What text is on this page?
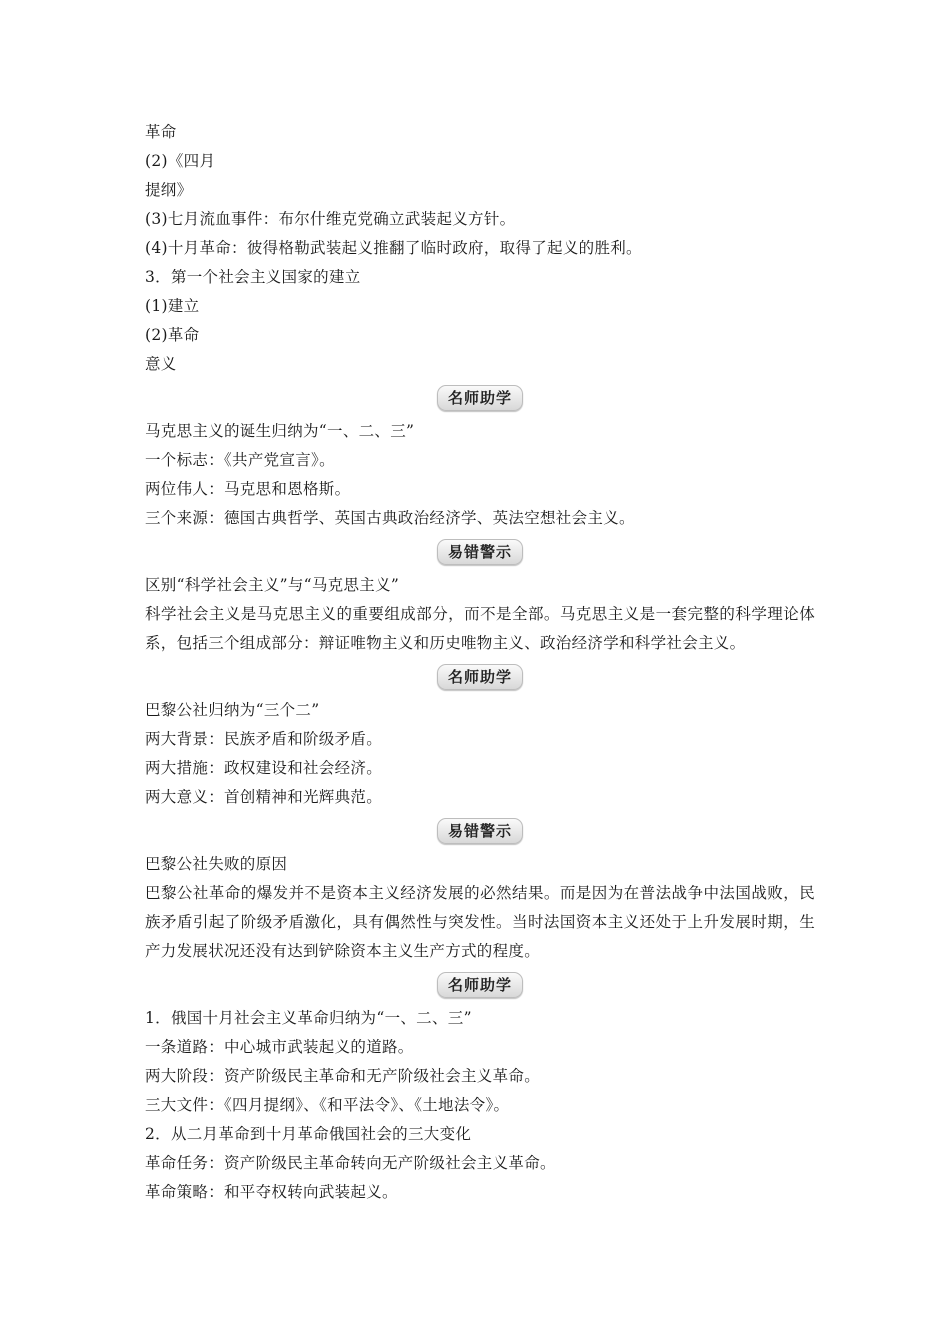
革命
(2)《四月
提纲》
(3)七月流血事件：布尔什维克党确立武装起义方针。
(4)十月革命：彼得格勒武装起义推翻了临时政府，取得了起义的胜利。
3．第一个社会主义国家的建立
(1)建立
(2)革命
意义
名师助学
马克思主义的诞生归纳为“一、二、三”
一个标志：《共产党宣言》。
两位伟人：马克思和恩格斯。
三个来源：德国古典哲学、英国古典政治经济学、英法空想社会主义。
易错警示
区别“科学社会主义”与“马克思主义”
科学社会主义是马克思主义的重要组成部分，而不是全部。马克思主义是一套完整的科学理论体系，包括三个组成部分：辩证唯物主义和历史唯物主义、政治经济学和科学社会主义。
名师助学
巴黎公社归纳为“三个二”
两大背景：民族矛盾和阶级矛盾。
两大措施：政权建设和社会经济。
两大意义：首创精神和光辉典范。
易错警示
巴黎公社失败的原因
巴黎公社革命的爆发并不是资本主义经济发展的必然结果。而是因为在普法战争中法国战败，民族矛盾引起了阶级矛盾激化，具有偶然性与突发性。当时法国资本主义还处于上升发展时期，生产力发展状况还没有达到铲除资本主义生产方式的程度。
名师助学
1．俄国十月社会主义革命归纳为“一、二、三”
一条道路：中心城市武装起义的道路。
两大阶段：资产阶级民主革命和无产阶级社会主义革命。
三大文件：《四月提纲》、《和平法令》、《土地法令》。
2．从二月革命到十月革命俄国社会的三大变化
革命任务：资产阶级民主革命转向无产阶级社会主义革命。
革命策略：和平夺权转向武装起义。
